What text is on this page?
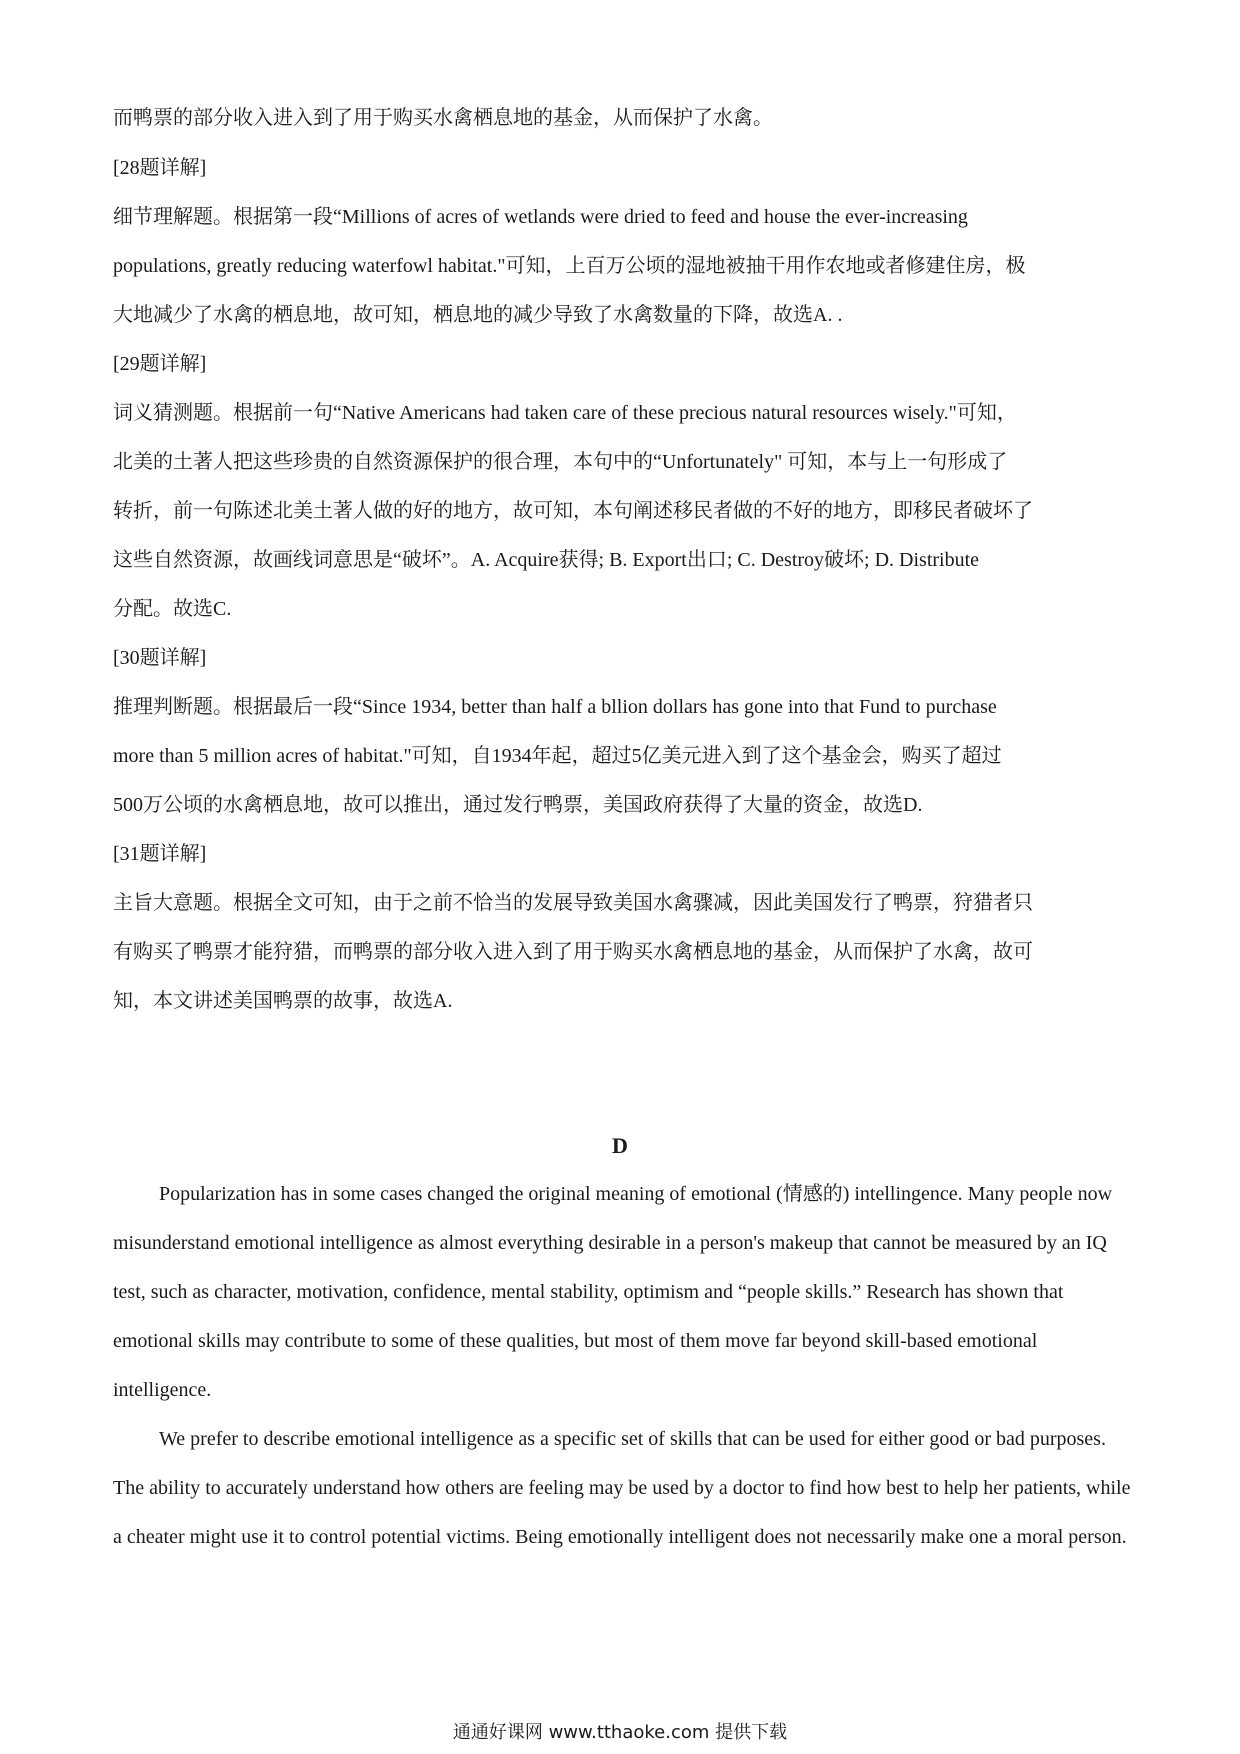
而鸭票的部分收入进入到了用于购买水禽栖息地的基金，从而保护了水禽。
[28题详解]
细节理解题。根据第一段“Millions of acres of wetlands were dried to feed and house the ever-increasing
populations, greatly reducing waterfowl habitat."可知，上百万公顷的湿地被抽干用作农地或者修建住房，极
大地减少了水禽的栖息地，故可知，栖息地的减少导致了水禽数量的下降，故选A. .
[29题详解]
词义猜测题。根据前一句“Native Americans had taken care of these precious natural resources wisely."可知，
北美的土著人把这些珍贵的自然资源保护的很合理，本句中的“Unfortunately" 可知，本与上一句形成了
转折，前一句陈述北美土著人做的好的地方，故可知，本句阐述移民者做的不好的地方，即移民者破坏了
这些自然资源，故画线词意思是“破坏”。A. Acquire获得; B. Export出口; C. Destroy破坏; D. Distribute
分配。故选C.
[30题详解]
推理判断题。根据最后一段“Since 1934, better than half a bllion dollars has gone into that Fund to purchase
more than 5 million acres of habitat."可知，自1934年起，超过5亿美元进入到了这个基金会，购买了超过
500万公顷的水禽栖息地，故可以推出，通过发行鸭票，美国政府获得了大量的资金，故选D.
[31题详解]
主旨大意题。根据全文可知，由于之前不恰当的发展导致美国水禽骤减，因此美国发行了鸭票，狩猎者只
有购买了鸭票才能狩猎，而鸭票的部分收入进入到了用于购买水禽栖息地的基金，从而保护了水禽，故可
知，本文讲述美国鸭票的故事，故选A.
D

Popularization has in some cases changed the original meaning of emotional (情感的) intellingence. Many people now misunderstand emotional intelligence as almost everything desirable in a person's makeup that cannot be measured by an IQ test, such as character, motivation, confidence, mental stability, optimism and “people skills.” Research has shown that emotional skills may contribute to some of these qualities, but most of them move far beyond skill-based emotional intelligence.

We prefer to describe emotional intelligence as a specific set of skills that can be used for either good or bad purposes. The ability to accurately understand how others are feeling may be used by a doctor to find how best to help her patients, while a cheater might use it to control potential victims. Being emotionally intelligent does not necessarily make one a moral person.

通通好课网 www.tthaoke.com 提供下载
